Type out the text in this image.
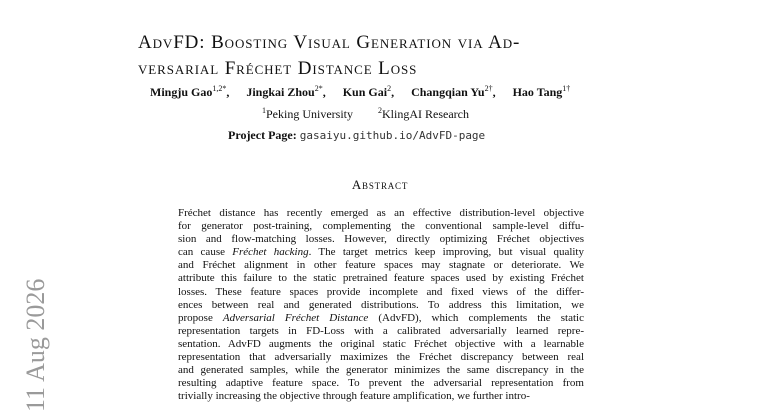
AdvFD: Boosting Visual Generation via Ad-
versarial Fréchet Distance Loss
Mingju Gao$^{1,2*}$, Jingkai Zhou$^{2*}$, Kun Gai$^2$, Changqian $Yu^{2\dagger}$, Hao Tang$^{1\dagger}$
$^1$Peking University	$^2$KlingAI Research
Project Page: gasaiyu.github.io/AdvFD-page
Abstract
Fréchet distance has recently emerged as an effective distribution-level objective
for generator post-training, complementing the conventional sample-level diffu-
sion and flow-matching losses. However, directly optimizing Fréchet objectives
can cause Fréchet hacking. The target metrics keep improving, but visual quality
and Fréchet alignment in other feature spaces may stagnate or deteriorate. We
attribute this failure to the static pretrained feature spaces used by existing Fréchet
losses. These feature spaces provide incomplete and fixed views of the differ-
ences between real and generated distributions. To address this limitation, we
propose Adversarial Fréchet Distance (AdvFD), which complements the static
representation targets in FD-Loss with a calibrated adversarially learned repre-
sentation. AdvFD augments the original static Fréchet objective with a learnable
representation that adversarially maximizes the Fréchet discrepancy between real
and generated samples, while the generator minimizes the same discrepancy in the
resulting adaptive feature space. To prevent the adversarial representation from
trivially increasing the objective through feature amplification, we further intro-
11 Aug 2026
